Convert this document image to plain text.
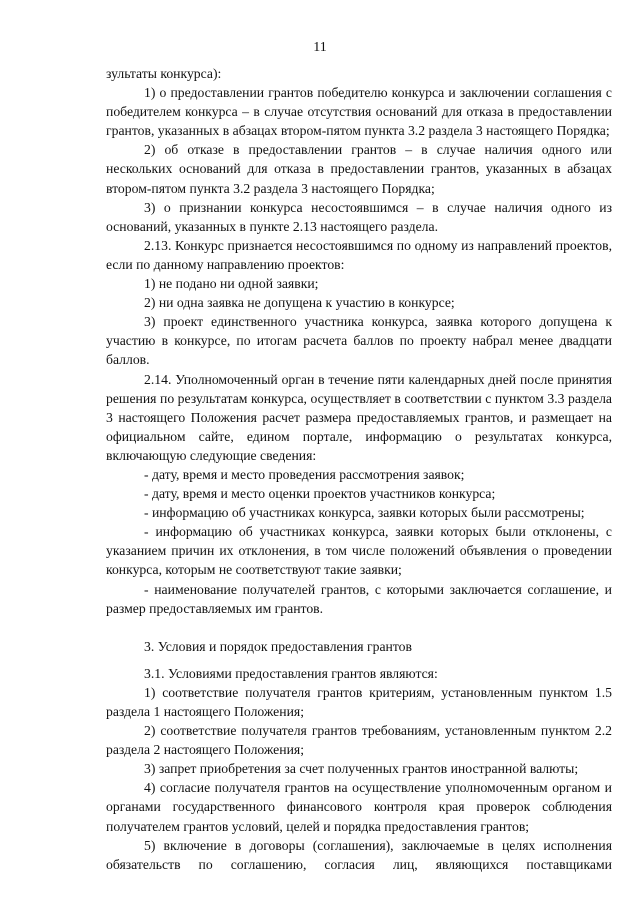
11

зультаты конкурса):

1) о предоставлении грантов победителю конкурса и заключении соглашения с победителем конкурса – в случае отсутствия оснований для отказа в предоставлении грантов, указанных в абзацах втором-пятом пункта 3.2 раздела 3 настоящего Порядка;

2) об отказе в предоставлении грантов – в случае наличия одного или нескольких оснований для отказа в предоставлении грантов, указанных в абзацах втором-пятом пункта 3.2 раздела 3 настоящего Порядка;

3) о признании конкурса несостоявшимся – в случае наличия одного из оснований, указанных в пункте 2.13 настоящего раздела.

2.13. Конкурс признается несостоявшимся по одному из направлений проектов, если по данному направлению проектов:

1) не подано ни одной заявки;

2) ни одна заявка не допущена к участию в конкурсе;

3) проект единственного участника конкурса, заявка которого допущена к участию в конкурсе, по итогам расчета баллов по проекту набрал менее двадцати баллов.

2.14. Уполномоченный орган в течение пяти календарных дней после принятия решения по результатам конкурса, осуществляет в соответствии с пунктом 3.3 раздела 3 настоящего Положения расчет размера предоставляемых грантов, и размещает на официальном сайте, едином портале, информацию о результатах конкурса, включающую следующие сведения:

- дату, время и место проведения рассмотрения заявок;

- дату, время и место оценки проектов участников конкурса;

- информацию об участниках конкурса, заявки которых были рассмотрены;

- информацию об участниках конкурса, заявки которых были отклонены, с указанием причин их отклонения, в том числе положений объявления о проведении конкурса, которым не соответствуют такие заявки;

- наименование получателей грантов, с которыми заключается соглашение, и размер предоставляемых им грантов.

3. Условия и порядок предоставления грантов

3.1. Условиями предоставления грантов являются:

1) соответствие получателя грантов критериям, установленным пунктом 1.5 раздела 1 настоящего Положения;

2) соответствие получателя грантов требованиям, установленным пунктом 2.2 раздела 2 настоящего Положения;

3) запрет приобретения за счет полученных грантов иностранной валюты;

4) согласие получателя грантов на осуществление уполномоченным органом и органами государственного финансового контроля края проверок соблюдения получателем грантов условий, целей и порядка предоставления грантов;

5) включение в договоры (соглашения), заключаемые в целях исполнения обязательств по соглашению, согласия лиц, являющихся поставщиками
